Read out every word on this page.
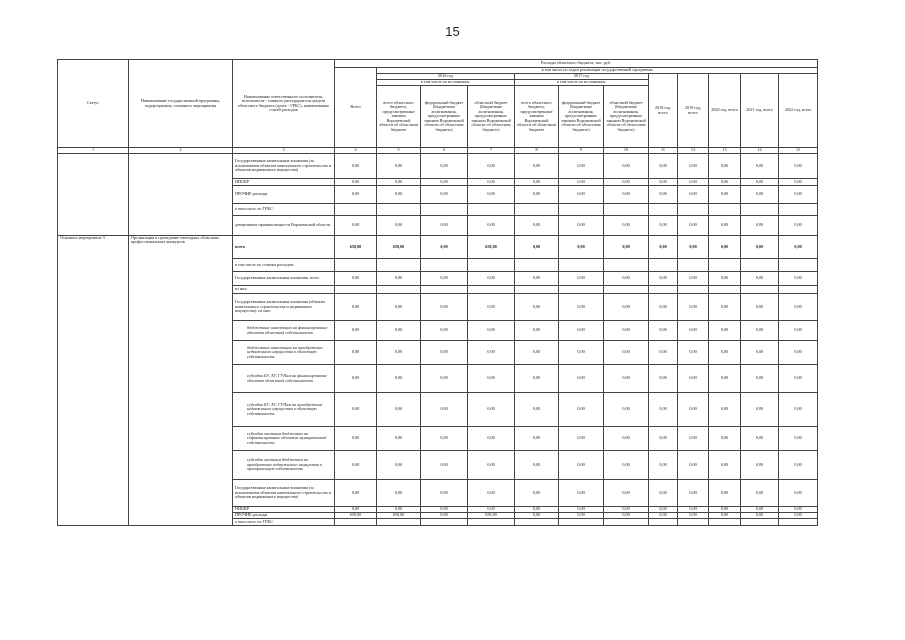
15
Статус	Наименование государственной программы, подпрограммы, основного мероприятия	Наименование ответственного исполнителя, исполнителя - главного распорядителя средств областного бюджета (далее - ГРБС), наименование статей расходов	Расходы областного бюджета, тыс. руб.											
			Всего	в том числе по годам реализации государственной программы										
				2016 год			2017 год			2018 год, всего	2019 год, всего	2020 год, всего	2021 год, всего	2022 год, всего
				в том числе по источникам:			в том числе по источникам:							
				всего областного бюджета, предусмотренные законом Воронежской области об областном бюджете	федеральный бюджет (Бюджетные ассигнования, предусмотренные законом Воронежской области об областном бюджете)	областной бюджет (Бюджетные ассигнования, предусмотренные законом Воронежской области об областном бюджете)	всего областного бюджета, предусмотренные законом Воронежской области об областном бюджете	федеральный бюджет (Бюджетные ассигнования, предусмотренные законом Воронежской области об областном бюджете)	областной бюджет (Бюджетные ассигнования, предусмотренные законом Воронежской области об областном бюджете)					
1	2	3	4	5	6	7	8	9	10	11	12	13	14	15
		Государственные капитальные вложения (за исключением объектов капитального строительства и объектов недвижимого имущества)	0,00	0,00	0,00	0,00	0,00	0,00	0,00	0,00	0,00	0,00	0,00	0,00
		НИОКР	0,00	0,00	0,00	0,00	0,00	0,00	0,00	0,00	0,00	0,00	0,00	0,00
		ПРОЧИЕ расходы	0,00	0,00	0,00	0,00	0,00	0,00	0,00	0,00	0,00	0,00	0,00	0,00
		в том числе по ГРБС:												
		департамент промышленности Воронежской области	0,00	0,00	0,00	0,00	0,00	0,00	0,00	0,00	0,00	0,00	0,00	0,00
Основное мероприятие 3	Организация и проведение ежегодных областных профессиональных конкурсов	всего	658,00	658,00	0,00	658,00	0,00	0,00	0,00	0,00	0,00	0,00	0,00	0,00
		в том числе по статьям расходов:												
		Государственные капитальные вложения, всего	0,00	0,00	0,00	0,00	0,00	0,00	0,00	0,00	0,00	0,00	0,00	0,00
		из них:												
		Государственные капитальные вложения (объекты капитального строительства и недвижимое имущество), из них:	0,00	0,00	0,00	0,00	0,00	0,00	0,00	0,00	0,00	0,00	0,00	0,00
		бюджетные инвестиции на финансирование объектов областной собственности	0,00	0,00	0,00	0,00	0,00	0,00	0,00	0,00	0,00	0,00	0,00	0,00
		бюджетные инвестиции на приобретение недвижимого имущества в областную собственность	0,00	0,00	0,00	0,00	0,00	0,00	0,00	0,00	0,00	0,00	0,00	0,00
		субсидии БУ, АУ, ГУПам на финансирование объектов областной собственности	0,00	0,00	0,00	0,00	0,00	0,00	0,00	0,00	0,00	0,00	0,00	0,00
		субсидии БУ, АУ, ГУПам на приобретение недвижимого имущества в областную собственность	0,00	0,00	0,00	0,00	0,00	0,00	0,00	0,00	0,00	0,00	0,00	0,00
		субсидии местным бюджетам на софинансирование объектов муниципальной собственности	0,00	0,00	0,00	0,00	0,00	0,00	0,00	0,00	0,00	0,00	0,00	0,00
		субсидии местным бюджетам на приобретение недвижимого имущества в муниципальную собственность	0,00	0,00	0,00	0,00	0,00	0,00	0,00	0,00	0,00	0,00	0,00	0,00
		Государственные капитальные вложения (за исключением объектов капитального строительства и объектов недвижимого имущества)	0,00	0,00	0,00	0,00	0,00	0,00	0,00	0,00	0,00	0,00	0,00	0,00
		НИОКР	0,00	0,00	0,00	0,00	0,00	0,00	0,00	0,00	0,00	0,00	0,00	0,00
		ПРОЧИЕ расходы	658,00	658,00	0,00	658,00	0,00	0,00	0,00	0,00	0,00	0,00	0,00	0,00
		в том числе по ГРБС:												
